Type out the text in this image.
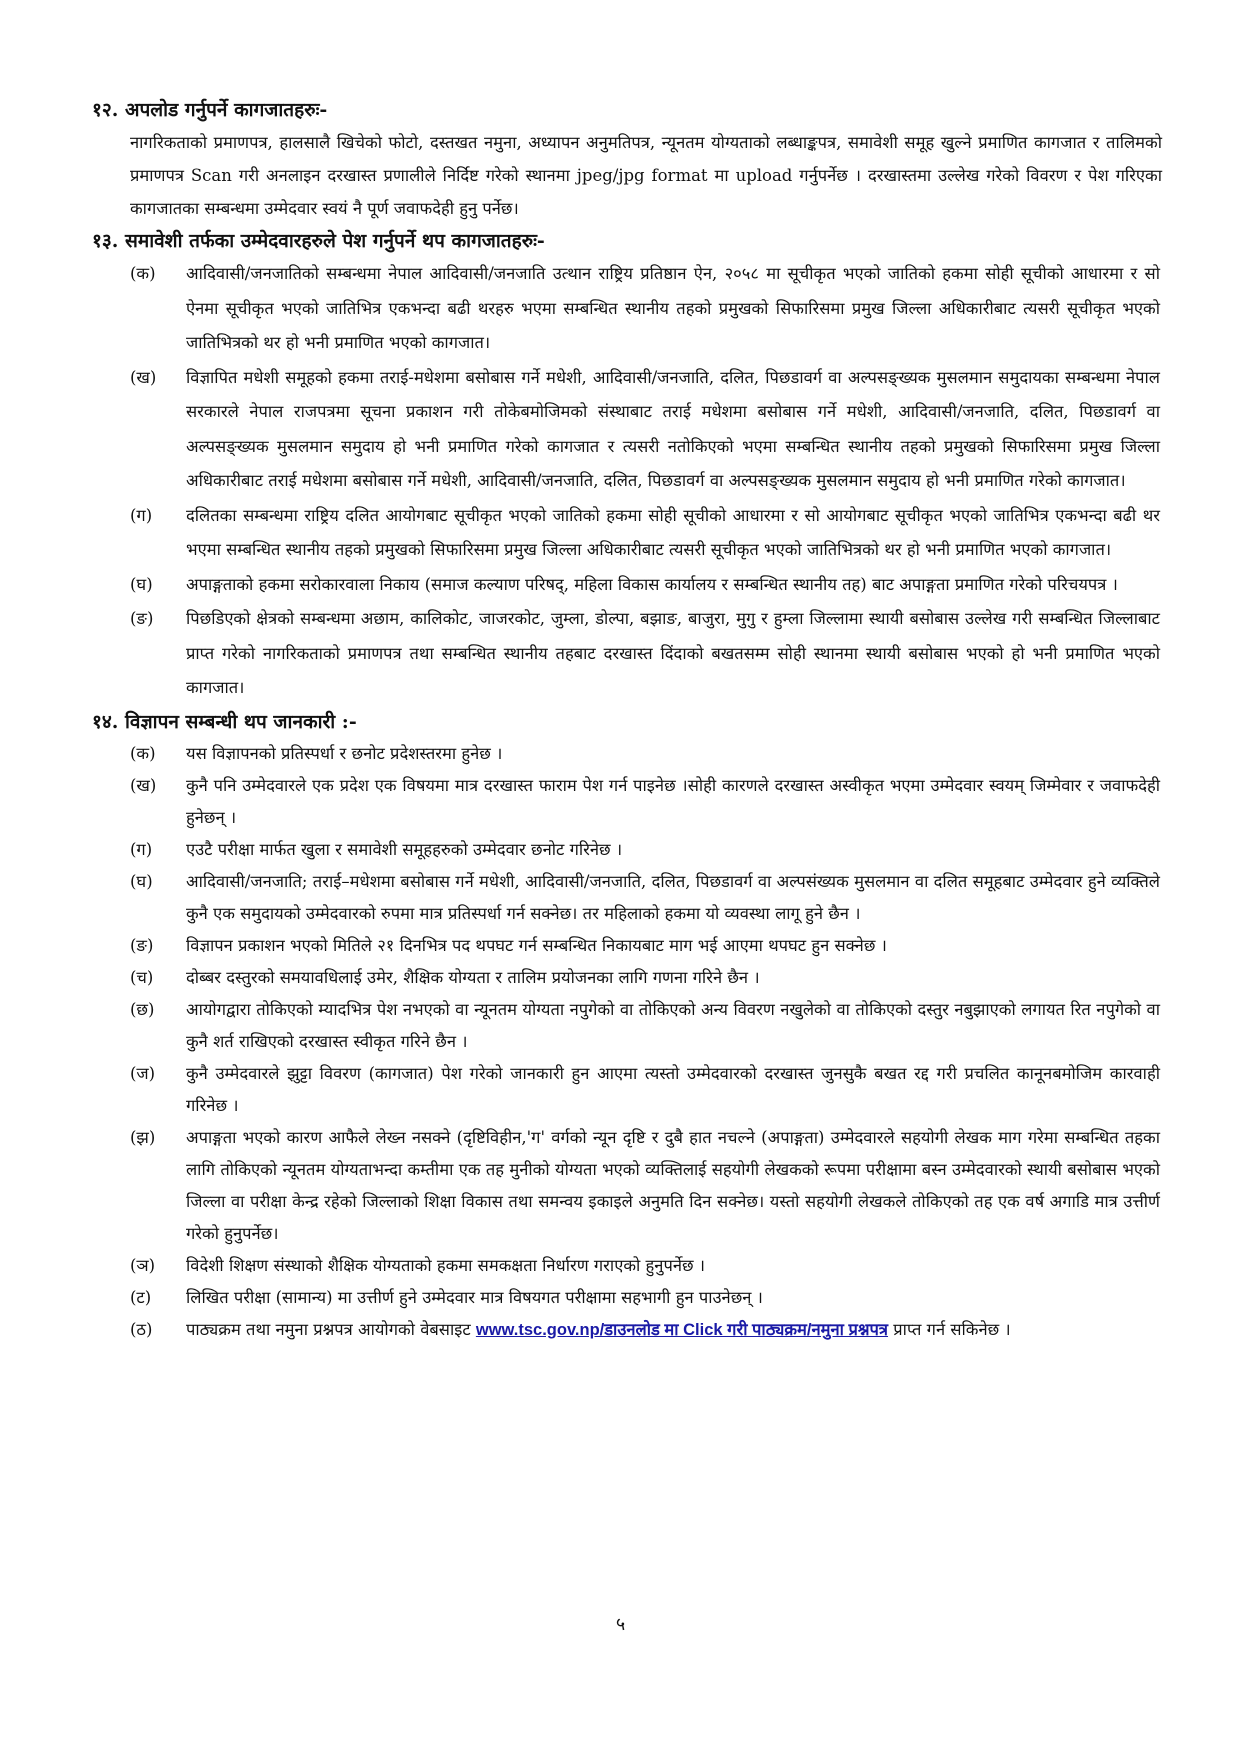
१२. अपलोड गर्नुपर्ने कागजातहरुः-

नागरिकताको प्रमाणपत्र, हालसालै खिचेको फोटो, दस्तखत नमुना, अध्यापन अनुमतिपत्र, न्यूनतम योग्यताको लब्धाङ्कपत्र, समावेशी समूह खुल्ने प्रमाणित कागजात र तालिमको प्रमाणपत्र Scan गरी अनलाइन दरखास्त प्रणालीले निर्दिष्ट गरेको स्थानमा jpeg/jpg format मा upload गर्नुपर्नेछ । दरखास्तमा उल्लेख गरेको विवरण र पेश गरिएका कागजातका सम्बन्धमा उम्मेदवार स्वयं नै पूर्ण जवाफदेही हुनु पर्नेछ।

१३. समावेशी तर्फका उम्मेदवारहरुले पेश गर्नुपर्ने थप कागजातहरुः-

(क)	आदिवासी/जनजातिको सम्बन्धमा नेपाल आदिवासी/जनजाति उत्थान राष्ट्रिय प्रतिष्ठान ऐन, २०५८ मा सूचीकृत भएको जातिको हकमा सोही सूचीको आधारमा र सो ऐनमा सूचीकृत भएको जातिभित्र एकभन्दा बढी थरहरु भएमा सम्बन्धित स्थानीय तहको प्रमुखको सिफारिसमा प्रमुख जिल्ला अधिकारीबाट त्यसरी सूचीकृत भएको जातिभित्रको थर हो भनी प्रमाणित भएको कागजात।
(ख)	विज्ञापित मधेशी समूहको हकमा तराई-मधेशमा बसोबास गर्ने मधेशी, आदिवासी/जनजाति, दलित, पिछडावर्ग वा अल्पसङ्ख्यक मुसलमान समुदायका सम्बन्धमा नेपाल सरकारले नेपाल राजपत्रमा सूचना प्रकाशन गरी तोकेबमोजिमको संस्थाबाट तराई मधेशमा बसोबास गर्ने मधेशी, आदिवासी/जनजाति, दलित, पिछडावर्ग वा अल्पसङ्ख्यक मुसलमान समुदाय हो भनी प्रमाणित गरेको कागजात र त्यसरी नतोकिएको भएमा सम्बन्धित स्थानीय तहको प्रमुखको सिफारिसमा प्रमुख जिल्ला अधिकारीबाट तराई मधेशमा बसोबास गर्ने मधेशी, आदिवासी/जनजाति, दलित, पिछडावर्ग वा अल्पसङ्ख्यक मुसलमान समुदाय हो भनी प्रमाणित गरेको कागजात।
(ग)	दलितका सम्बन्धमा राष्ट्रिय दलित आयोगबाट सूचीकृत भएको जातिको हकमा सोही सूचीको आधारमा र सो आयोगबाट सूचीकृत भएको जातिभित्र एकभन्दा बढी थर भएमा सम्बन्धित स्थानीय तहको प्रमुखको सिफारिसमा प्रमुख जिल्ला अधिकारीबाट त्यसरी सूचीकृत भएको जातिभित्रको थर हो भनी प्रमाणित भएको कागजात।
(घ)	अपाङ्गताको हकमा सरोकारवाला निकाय (समाज कल्याण परिषद्, महिला विकास कार्यालय र सम्बन्धित स्थानीय तह) बाट अपाङ्गता प्रमाणित गरेको परिचयपत्र ।
(ङ)	पिछडिएको क्षेत्रको सम्बन्धमा अछाम, कालिकोट, जाजरकोट, जुम्ला, डोल्पा, बझाङ, बाजुरा, मुगु र हुम्ला जिल्लामा स्थायी बसोबास उल्लेख गरी सम्बन्धित जिल्लाबाट प्राप्त गरेको नागरिकताको प्रमाणपत्र तथा सम्बन्धित स्थानीय तहबाट दरखास्त दिंदाको बखतसम्म सोही स्थानमा स्थायी बसोबास भएको हो भनी प्रमाणित भएको कागजात।

१४. विज्ञापन सम्बन्धी थप जानकारी :-

(क)	यस विज्ञापनको प्रतिस्पर्धा र छनोट प्रदेशस्तरमा हुनेछ ।
(ख)	कुनै पनि उम्मेदवारले एक प्रदेश एक विषयमा मात्र दरखास्त फाराम पेश गर्न पाइनेछ ।सोही कारणले दरखास्त अस्वीकृत भएमा उम्मेदवार स्वयम् जिम्मेवार र जवाफदेही हुनेछन् ।
(ग)	एउटै परीक्षा मार्फत खुला र समावेशी समूहहरुको उम्मेदवार छनोट गरिनेछ ।
(घ)	आदिवासी/जनजाति; तराई–मधेशमा बसोबास गर्ने मधेशी, आदिवासी/जनजाति, दलित, पिछडावर्ग वा अल्पसंख्यक मुसलमान वा दलित समूहबाट उम्मेदवार हुने व्यक्तिले कुनै एक समुदायको उम्मेदवारको रुपमा मात्र प्रतिस्पर्धा गर्न सक्नेछ। तर महिलाको हकमा यो व्यवस्था लागू हुने छैन ।
(ङ)	विज्ञापन प्रकाशन भएको मितिले २१ दिनभित्र पद थपघट गर्न सम्बन्धित निकायबाट माग भई आएमा थपघट हुन सक्नेछ ।
(च)	दोब्बर दस्तुरको समयावधिलाई उमेर, शैक्षिक योग्यता र तालिम प्रयोजनका लागि गणना गरिने छैन ।
(छ)	आयोगद्वारा तोकिएको म्यादभित्र पेश नभएको वा न्यूनतम योग्यता नपुगेको वा तोकिएको अन्य विवरण नखुलेको वा तोकिएको दस्तुर नबुझाएको लगायत रित नपुगेको वा कुनै शर्त राखिएको दरखास्त स्वीकृत गरिने छैन ।
(ज)	कुनै उम्मेदवारले झुट्टा विवरण (कागजात) पेश गरेको जानकारी हुन आएमा त्यस्तो उम्मेदवारको दरखास्त जुनसुकै बखत रद्द गरी प्रचलित कानूनबमोजिम कारवाही गरिनेछ ।
(झ)	अपाङ्गता भएको कारण आफैले लेख्न नसक्ने (दृष्टिविहीन,'ग' वर्गको न्यून दृष्टि र दुबै हात नचल्ने (अपाङ्गता) उम्मेदवारले सहयोगी लेखक माग गरेमा सम्बन्धित तहका लागि तोकिएको न्यूनतम योग्यताभन्दा कम्तीमा एक तह मुनीको योग्यता भएको व्यक्तिलाई सहयोगी लेखकको रूपमा परीक्षामा बस्न उम्मेदवारको स्थायी बसोबास भएको जिल्ला वा परीक्षा केन्द्र रहेको जिल्लाको शिक्षा विकास तथा समन्वय इकाइले अनुमति दिन सक्नेछ। यस्तो सहयोगी लेखकले तोकिएको तह एक वर्ष अगाडि मात्र उत्तीर्ण गरेको हुनुपर्नेछ।
(ञ)	विदेशी शिक्षण संस्थाको शैक्षिक योग्यताको हकमा समकक्षता निर्धारण गराएको हुनुपर्नेछ ।
(ट)	लिखित परीक्षा (सामान्य) मा उत्तीर्ण हुने उम्मेदवार मात्र विषयगत परीक्षामा सहभागी हुन पाउनेछन् ।
(ठ)	पाठ्यक्रम तथा नमुना प्रश्नपत्र आयोगको वेबसाइट www.tsc.gov.np/डाउनलोड मा Click गरी पाठ्यक्रम/नमुना प्रश्नपत्र प्राप्त गर्न सकिनेछ ।
५
